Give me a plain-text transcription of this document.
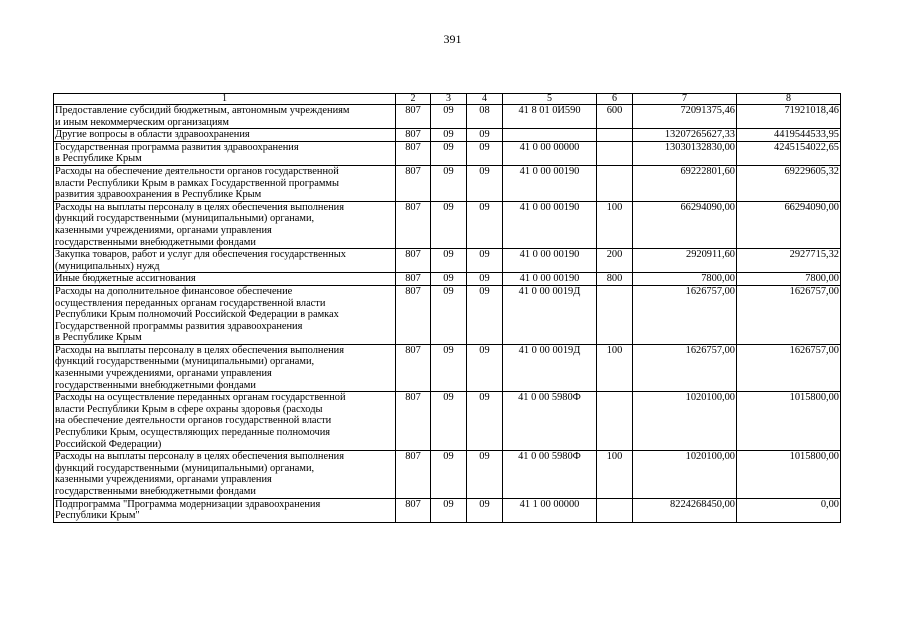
391
1	2	3	4	5	6	7	8
Предоставление субсидий бюджетным, автономным учреждениям
и иным некоммерческим организациям	807	09	08	41 8 01 0И590	600	72091375,46	71921018,46
Другие вопросы в области здравоохранения	807	09	09			13207265627,33	4419544533,95
Государственная программа развития здравоохранения
в Республике Крым	807	09	09	41 0 00 00000		13030132830,00	4245154022,65
Расходы на обеспечение деятельности органов государственной
власти Республики Крым в рамках Государственной программы
развития здравоохранения в Республике Крым	807	09	09	41 0 00 00190		69222801,60	69229605,32
Расходы на выплаты персоналу в целях обеспечения выполнения
функций государственными (муниципальными) органами,
казенными учреждениями, органами управления
государственными внебюджетными фондами	807	09	09	41 0 00 00190	100	66294090,00	66294090,00
Закупка товаров, работ и услуг для обеспечения государственных
(муниципальных) нужд	807	09	09	41 0 00 00190	200	2920911,60	2927715,32
Иные бюджетные ассигнования	807	09	09	41 0 00 00190	800	7800,00	7800,00
Расходы на дополнительное финансовое обеспечение
осуществления переданных органам государственной власти
Республики Крым полномочий Российской Федерации в рамках
Государственной программы развития здравоохранения
в Республике Крым	807	09	09	41 0 00 0019Д		1626757,00	1626757,00
Расходы на выплаты персоналу в целях обеспечения выполнения
функций государственными (муниципальными) органами,
казенными учреждениями, органами управления
государственными внебюджетными фондами	807	09	09	41 0 00 0019Д	100	1626757,00	1626757,00
Расходы на осуществление переданных органам государственной
власти Республики Крым в сфере охраны здоровья (расходы
на обеспечение деятельности органов государственной власти
Республики Крым, осуществляющих переданные полномочия
Российской Федерации)	807	09	09	41 0 00 5980Ф		1020100,00	1015800,00
Расходы на выплаты персоналу в целях обеспечения выполнения
функций государственными (муниципальными) органами,
казенными учреждениями, органами управления
государственными внебюджетными фондами	807	09	09	41 0 00 5980Ф	100	1020100,00	1015800,00
Подпрограмма "Программа модернизации здравоохранения
Республики Крым"	807	09	09	41 1 00 00000		8224268450,00	0,00
